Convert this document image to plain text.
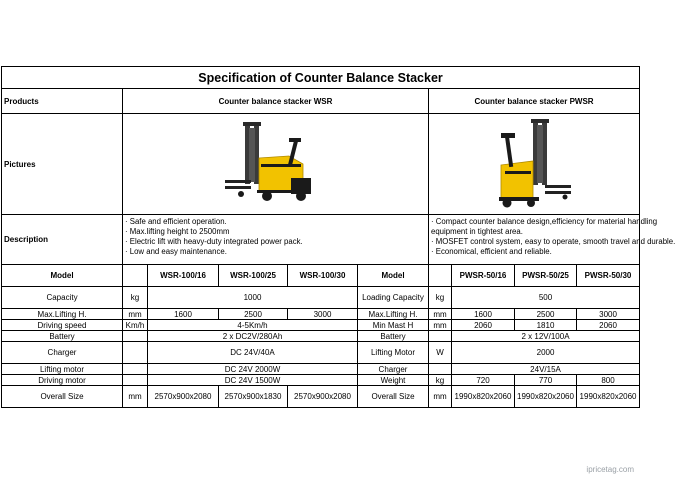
Specification of Counter Balance Stacker									
Products	Counter balance stacker WSR					Counter balance stacker PWSR			
Pictures	

Description	· Safe and efficient operation.
· Max.lifting height to 2500mm
· Electric lift with heavy-duty integrated power pack.
· Low and easy maintenance.					· Compact counter balance design,efficiency for material handling
equipment in tightest area.
· MOSFET control system, easy to operate, smooth travel and durable.
· Economical, efficient and reliable.			

Model		WSR-100/16	WSR-100/25	WSR-100/30	Model		PWSR-50/16	PWSR-50/25	PWSR-50/30
Capacity	kg	1000			Loading Capacity	kg	500		
Max.Lifting H.	mm	1600	2500	3000	Max.Lifting H.	mm	1600	2500	3000
Driving speed	Km/h	4-5Km/h			Min Mast H	mm	2060	1810	2060
Battery		2 x DC2V/280Ah			Battery		2 x 12V/100A		
Charger		DC 24V/40A			Lifting Motor	W	2000		
Lifting motor		DC 24V 2000W			Charger		24V/15A		
Driving motor		DC 24V 1500W			Weight	kg	720	770	800
Overall Size	mm	2570x900x2080	2570x900x1830	2570x900x2080	Overall Size	mm	1990x820x2060	1990x820x2060	1990x820x2060
ipricetag.com
